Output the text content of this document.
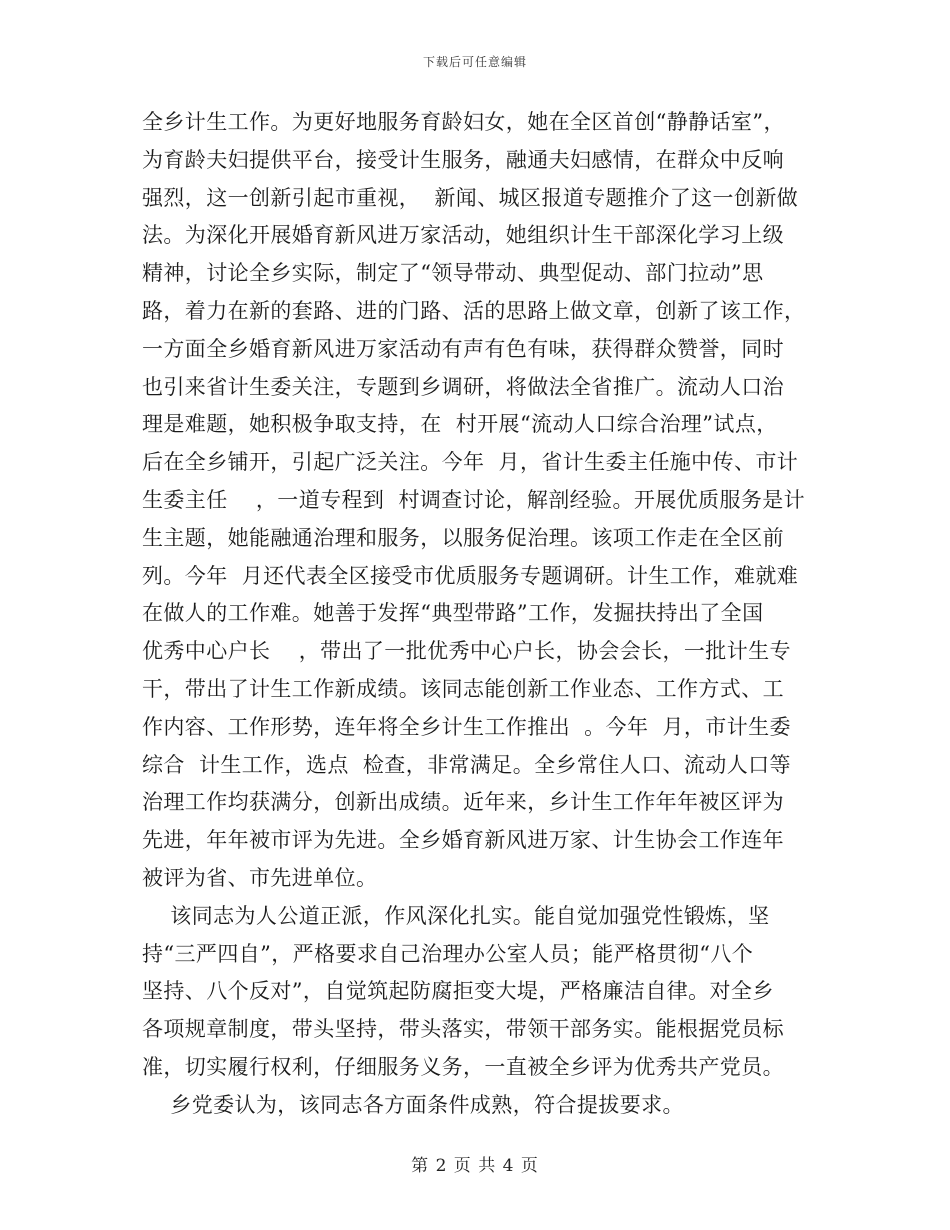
下载后可任意编辑
全乡计生工作。为更好地服务育龄妇女，她在全区首创“静静话室”，
为育龄夫妇提供平台，接受计生服务，融通夫妇感情，在群众中反响
强烈，这一创新引起市重视，  新闻、城区报道专题推介了这一创新做
法。为深化开展婚育新风进万家活动，她组织计生干部深化学习上级
精神，讨论全乡实际，制定了“领导带动、典型促动、部门拉动”思
路，着力在新的套路、进的门路、活的思路上做文章，创新了该工作，
一方面全乡婚育新风进万家活动有声有色有味，获得群众赞誉，同时
也引来省计生委关注，专题到乡调研，将做法全省推广。流动人口治
理是难题，她积极争取支持，在  村开展“流动人口综合治理”试点，
后在全乡铺开，引起广泛关注。今年  月，省计生委主任施中传、市计
生委主任    ，一道专程到  村调查讨论，解剖经验。开展优质服务是计
生主题，她能融通治理和服务，以服务促治理。该项工作走在全区前
列。今年  月还代表全区接受市优质服务专题调研。计生工作，难就难
在做人的工作难。她善于发挥“典型带路”工作，发掘扶持出了全国
优秀中心户长    ，带出了一批优秀中心户长，协会会长，一批计生专
干，带出了计生工作新成绩。该同志能创新工作业态、工作方式、工
作内容、工作形势，连年将全乡计生工作推出  。今年  月，市计生委
综合  计生工作，选点  检查，非常满足。全乡常住人口、流动人口等
治理工作均获满分，创新出成绩。近年来，乡计生工作年年被区评为
先进，年年被市评为先进。全乡婚育新风进万家、计生协会工作连年
被评为省、市先进单位。
该同志为人公道正派，作风深化扎实。能自觉加强党性锻炼，坚
持“三严四自”，严格要求自己治理办公室人员；能严格贯彻“八个
坚持、八个反对”，自觉筑起防腐拒变大堤，严格廉洁自律。对全乡
各项规章制度，带头坚持，带头落实，带领干部务实。能根据党员标
准，切实履行权利，仔细服务义务，一直被全乡评为优秀共产党员。
乡党委认为，该同志各方面条件成熟，符合提拔要求。
第 2 页 共 4 页
